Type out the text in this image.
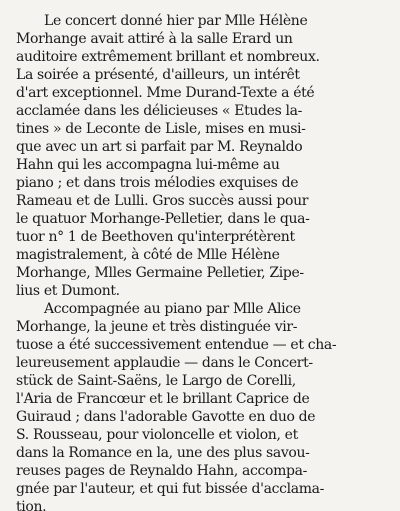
Le concert donné hier par Mlle Hélène
Morhange avait attiré à la salle Erard un
auditoire extrêmement brillant et nombreux.
La soirée a présenté, d'ailleurs, un intérêt
d'art exceptionnel. Mme Durand-Texte a été
acclamée dans les délicieuses « Etudes la-
tines » de Leconte de Lisle, mises en musi-
que avec un art si parfait par M. Reynaldo
Hahn qui les accompagna lui-même au
piano ; et dans trois mélodies exquises de
Rameau et de Lulli. Gros succès aussi pour
le quatuor Morhange-Pelletier, dans le qua-
tuor n° 1 de Beethoven qu'interprétèrent
magistralement, à côté de Mlle Hélène
Morhange, Mlles Germaine Pelletier, Zipe-
lius et Dumont.
Accompagnée au piano par Mlle Alice
Morhange, la jeune et très distinguée vir-
tuose a été successivement entendue — et cha-
leureusement applaudie — dans le Concert-
stück de Saint-Saëns, le Largo de Corelli,
l'Aria de Francœur et le brillant Caprice de
Guiraud ; dans l'adorable Gavotte en duo de
S. Rousseau, pour violoncelle et violon, et
dans la Romance en la, une des plus savou-
reuses pages de Reynaldo Hahn, accompa-
gnée par l'auteur, et qui fut bissée d'acclama-
tion.
